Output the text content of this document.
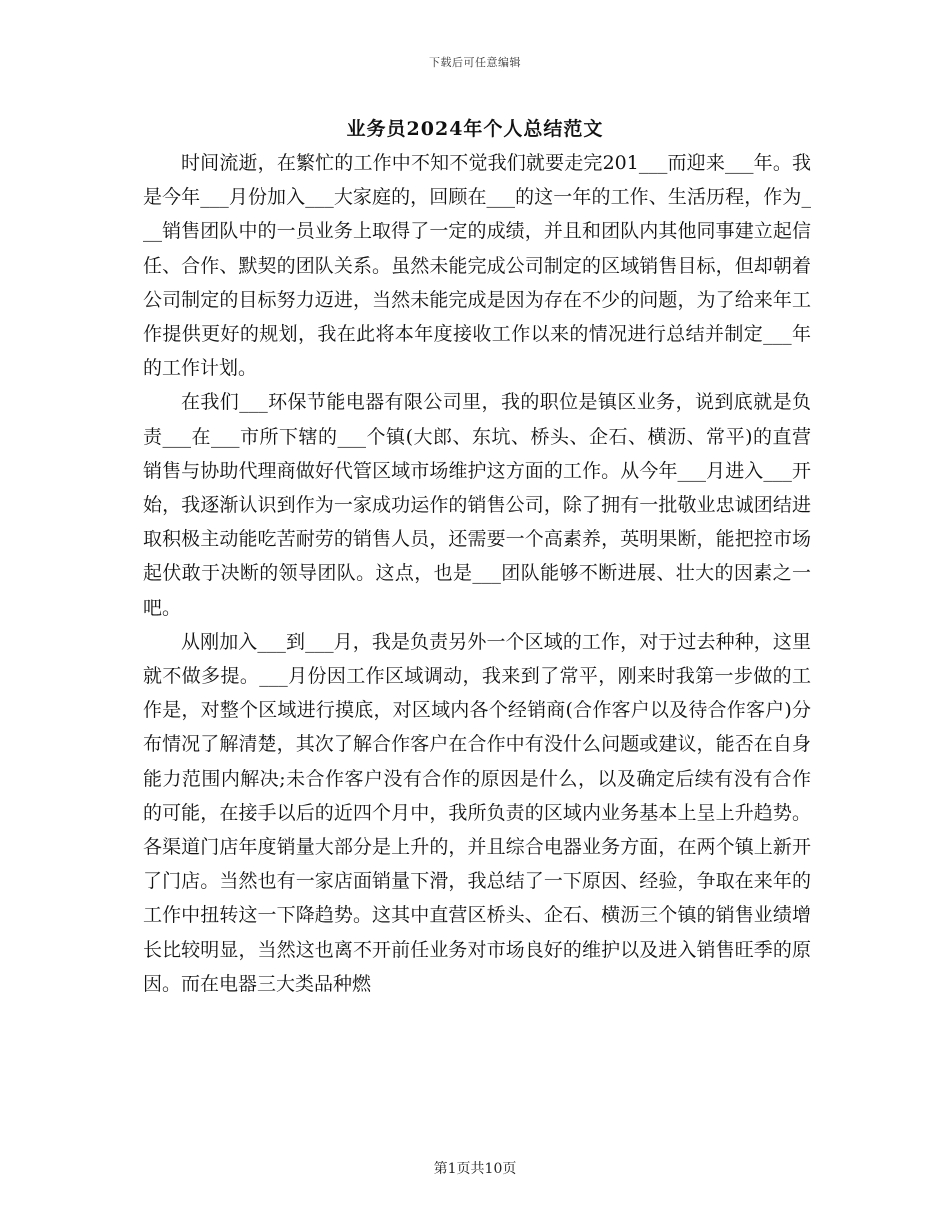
下载后可任意编辑
业务员2024年个人总结范文

时间流逝，在繁忙的工作中不知不觉我们就要走完201___而迎来___年。我是今年___月份加入___大家庭的，回顾在___的这一年的工作、生活历程，作为___销售团队中的一员业务上取得了一定的成绩，并且和团队内其他同事建立起信任、合作、默契的团队关系。虽然未能完成公司制定的区域销售目标，但却朝着公司制定的目标努力迈进，当然未能完成是因为存在不少的问题，为了给来年工作提供更好的规划，我在此将本年度接收工作以来的情况进行总结并制定___年的工作计划。

在我们___环保节能电器有限公司里，我的职位是镇区业务，说到底就是负责___在___市所下辖的___个镇(大郎、东坑、桥头、企石、横沥、常平)的直营销售与协助代理商做好代管区域市场维护这方面的工作。从今年___月进入___开始，我逐渐认识到作为一家成功运作的销售公司，除了拥有一批敬业忠诚团结进取积极主动能吃苦耐劳的销售人员，还需要一个高素养，英明果断，能把控市场起伏敢于决断的领导团队。这点，也是___团队能够不断进展、壮大的因素之一吧。

从刚加入___到___月，我是负责另外一个区域的工作，对于过去种种，这里就不做多提。___月份因工作区域调动，我来到了常平，刚来时我第一步做的工作是，对整个区域进行摸底，对区域内各个经销商(合作客户以及待合作客户)分布情况了解清楚，其次了解合作客户在合作中有没什么问题或建议，能否在自身能力范围内解决;未合作客户没有合作的原因是什么，以及确定后续有没有合作的可能，在接手以后的近四个月中，我所负责的区域内业务基本上呈上升趋势。各渠道门店年度销量大部分是上升的，并且综合电器业务方面，在两个镇上新开了门店。当然也有一家店面销量下滑，我总结了一下原因、经验，争取在来年的工作中扭转这一下降趋势。这其中直营区桥头、企石、横沥三个镇的销售业绩增长比较明显，当然这也离不开前任业务对市场良好的维护以及进入销售旺季的原因。而在电器三大类品种燃

第1页共10页
